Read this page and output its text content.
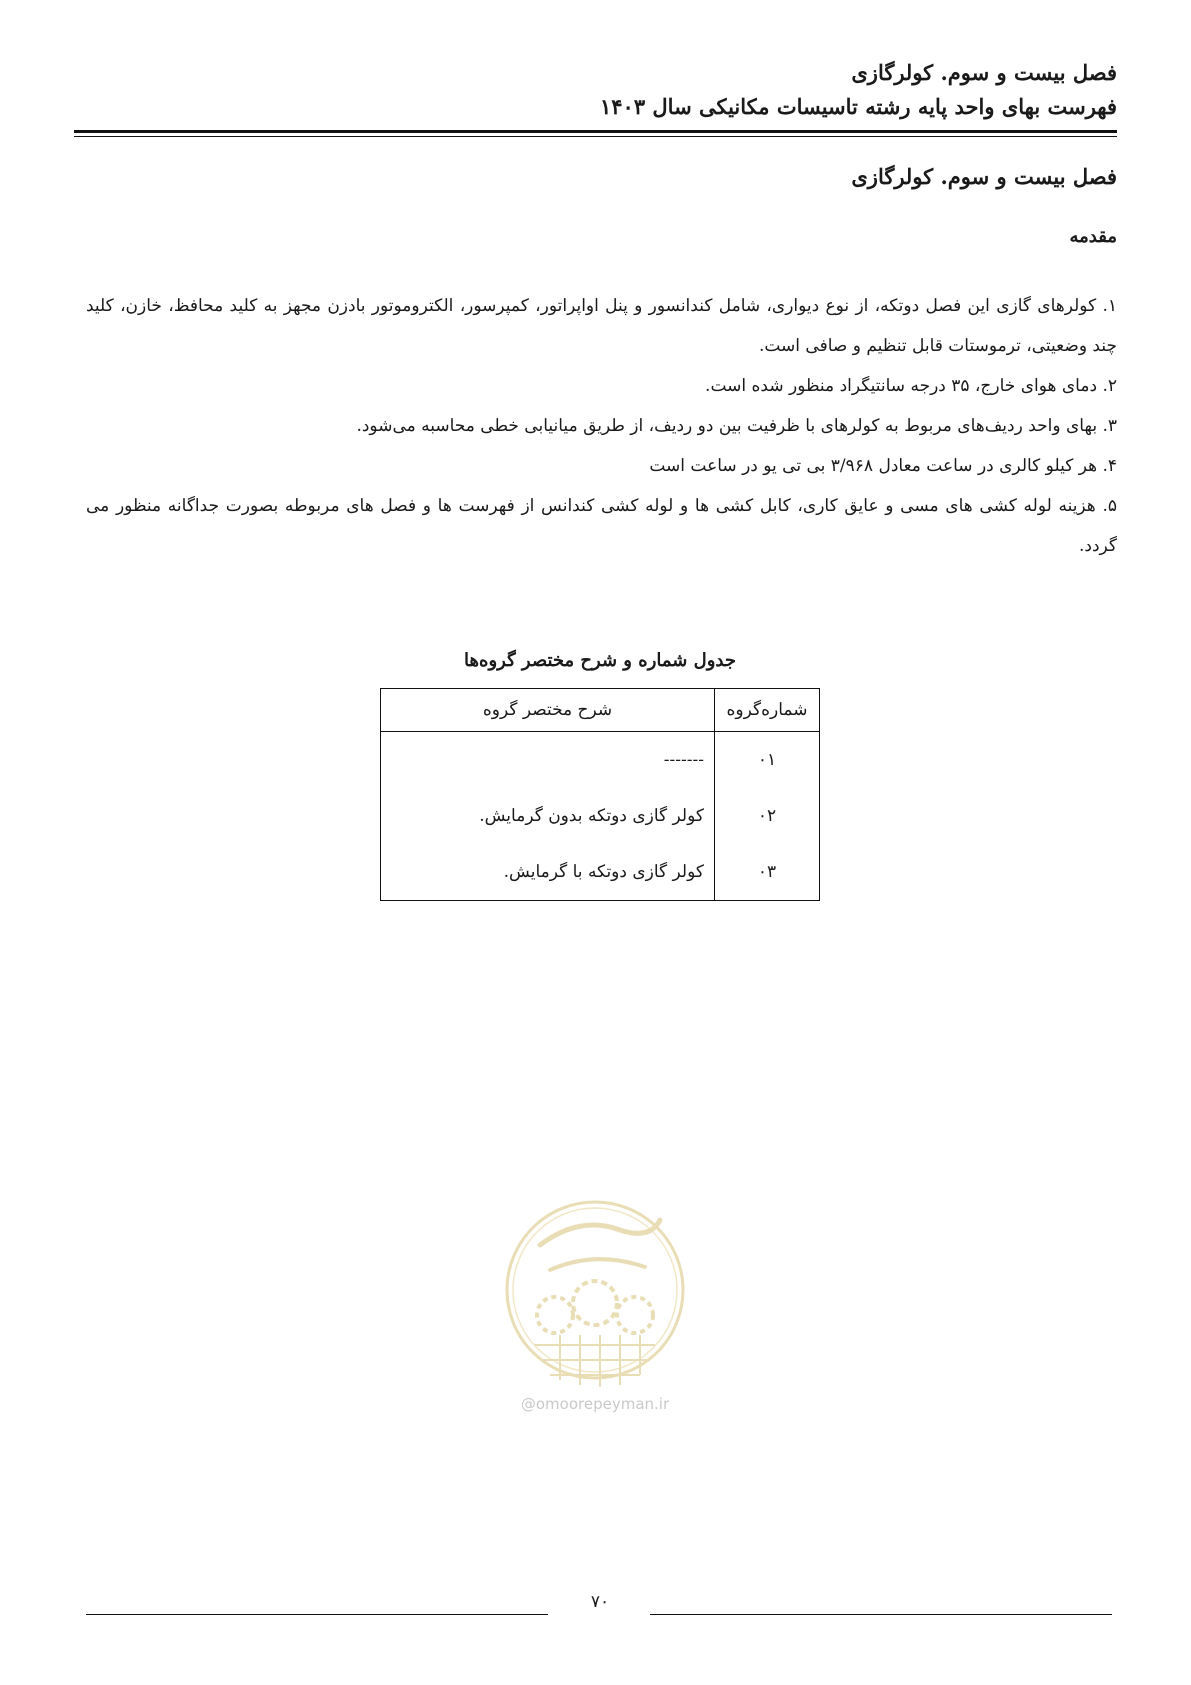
فصل بیست و سوم. کولرگازی
فهرست بهای واحد پایه رشته تاسیسات مکانیکی سال ۱۴۰۳
فصل بیست و سوم. کولرگازی
مقدمه

۱. کولرهای گازی این فصل دوتکه، از نوع دیواری، شامل کندانسور و پنل اواپراتور، کمپرسور، الکتروموتور بادزن مجهز به کلید محافظ، خازن، کلید چند وضعیتی، ترموستات قابل تنظیم و صافی است.

۲. دمای هوای خارج، ۳۵ درجه سانتیگراد منظور شده است.

۳. بهای واحد ردیف‌های مربوط به کولرهای با ظرفیت بین دو ردیف، از طریق میانیابی خطی محاسبه می‌شود.

۴. هر کیلو کالری در ساعت معادل ۳/۹۶۸ بی تی یو در ساعت است

۵. هزینه لوله کشی های مسی و عایق کاری، کابل کشی ها و لوله کشی کندانس از فهرست ها و فصل های مربوطه بصورت جداگانه منظور می گردد.

جدول شماره و شرح مختصر گروه‌ها
شماره‌گروه	شرح مختصر گروه
۰۱	-------
۰۲	کولر گازی دوتکه بدون گرمایش.
۰۳	کولر گازی دوتکه با گرمایش.
@omoorepeyman.ir
۷۰
